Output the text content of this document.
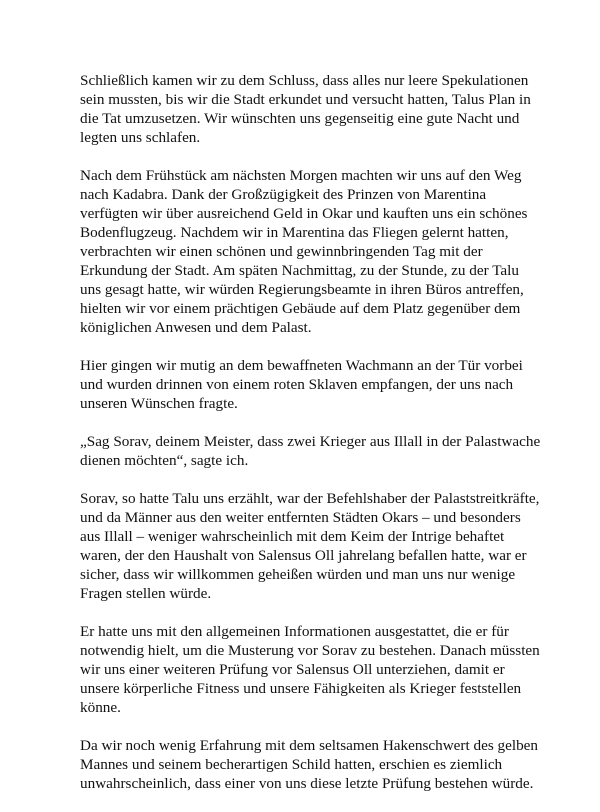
Schließlich kamen wir zu dem Schluss, dass alles nur leere Spekulationen
sein mussten, bis wir die Stadt erkundet und versucht hatten, Talus Plan in
die Tat umzusetzen. Wir wünschten uns gegenseitig eine gute Nacht und
legten uns schlafen.

Nach dem Frühstück am nächsten Morgen machten wir uns auf den Weg
nach Kadabra. Dank der Großzügigkeit des Prinzen von Marentina
verfügten wir über ausreichend Geld in Okar und kauften uns ein schönes
Bodenflugzeug. Nachdem wir in Marentina das Fliegen gelernt hatten,
verbrachten wir einen schönen und gewinnbringenden Tag mit der
Erkundung der Stadt. Am späten Nachmittag, zu der Stunde, zu der Talu
uns gesagt hatte, wir würden Regierungsbeamte in ihren Büros antreffen,
hielten wir vor einem prächtigen Gebäude auf dem Platz gegenüber dem
königlichen Anwesen und dem Palast.

Hier gingen wir mutig an dem bewaffneten Wachmann an der Tür vorbei
und wurden drinnen von einem roten Sklaven empfangen, der uns nach
unseren Wünschen fragte.

„Sag Sorav, deinem Meister, dass zwei Krieger aus Illall in der Palastwache
dienen möchten“, sagte ich.

Sorav, so hatte Talu uns erzählt, war der Befehlshaber der Palaststreitkräfte,
und da Männer aus den weiter entfernten Städten Okars – und besonders
aus Illall – weniger wahrscheinlich mit dem Keim der Intrige behaftet
waren, der den Haushalt von Salensus Oll jahrelang befallen hatte, war er
sicher, dass wir willkommen geheißen würden und man uns nur wenige
Fragen stellen würde.

Er hatte uns mit den allgemeinen Informationen ausgestattet, die er für
notwendig hielt, um die Musterung vor Sorav zu bestehen. Danach müssten
wir uns einer weiteren Prüfung vor Salensus Oll unterziehen, damit er
unsere körperliche Fitness und unsere Fähigkeiten als Krieger feststellen
könne.

Da wir noch wenig Erfahrung mit dem seltsamen Hakenschwert des gelben
Mannes und seinem becherartigen Schild hatten, erschien es ziemlich
unwahrscheinlich, dass einer von uns diese letzte Prüfung bestehen würde.
